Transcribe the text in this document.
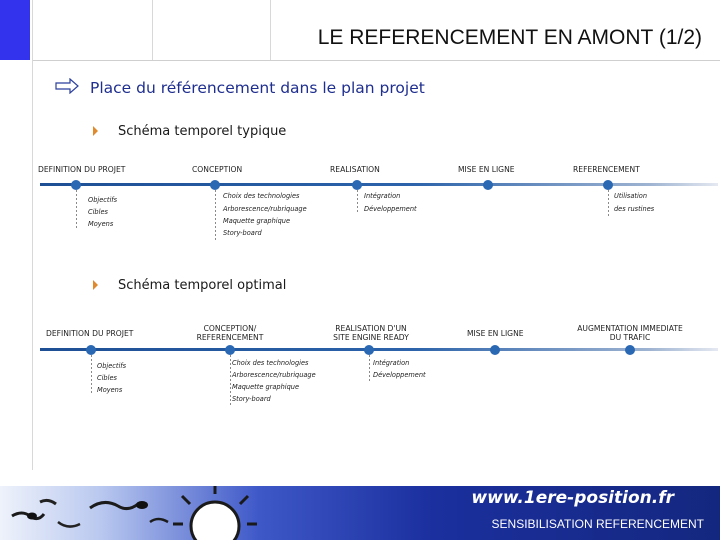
LE REFERENCEMENT EN AMONT (1/2)
Place du référencement dans le plan projet
Schéma temporel typique
DEFINITION DU PROJET	CONCEPTION	REALISATION	MISE EN LIGNE	REFERENCEMENT
Objectifs
Cibles
Moyens
Choix des technologies
Arborescence/rubriquage
Maquette graphique
Story-board
Intégration
Développement
Utilisation
des rustines
Schéma temporel optimal
DEFINITION DU PROJET
CONCEPTION/
REFERENCEMENT
REALISATION D'UN
SITE ENGINE READY	MISE EN LIGNE
AUGMENTATION IMMEDIATE
DU TRAFIC
Objectifs
Cibles
Moyens
Choix des technologies
Arborescence/rubriquage
Maquette graphique
Story-board
Intégration
Développement
www.1ere-position.fr
SENSIBILISATION REFERENCEMENT
